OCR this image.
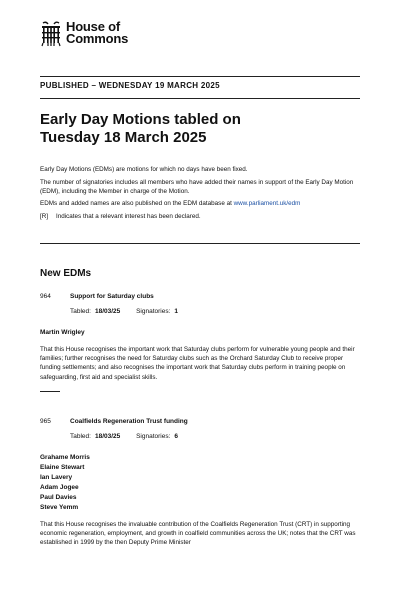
House of
Commons
PUBLISHED – WEDNESDAY 19 MARCH 2025
Early Day Motions tabled on
Tuesday 18 March 2025

Early Day Motions (EDMs) are motions for which no days have been fixed.

The number of signatories includes all members who have added their names in support of the Early Day Motion (EDM), including the Member in charge of the Motion.

EDMs and added names are also published on the EDM database at www.parliament.uk/edm

[R] Indicates that a relevant interest has been declared.

New EDMs
964	Support for Saturday clubs
Tabled: 18/03/25 Signatories: 1
Martin Wrigley
That this House recognises the important work that Saturday clubs perform for vulnerable young people and their families; further recognises the need for Saturday clubs such as the Orchard Saturday Club to receive proper funding settlements; and also recognises the important work that Saturday clubs perform in training people on safeguarding, first aid and specialist skills.
965	Coalfields Regeneration Trust funding
Tabled: 18/03/25 Signatories: 6
Grahame Morris
Elaine Stewart
Ian Lavery
Adam Jogee
Paul Davies
Steve Yemm
That this House recognises the invaluable contribution of the Coalfields Regeneration Trust (CRT) in supporting economic regeneration, employment, and growth in coalfield communities across the UK; notes that the CRT was established in 1999 by the then Deputy Prime Minister
